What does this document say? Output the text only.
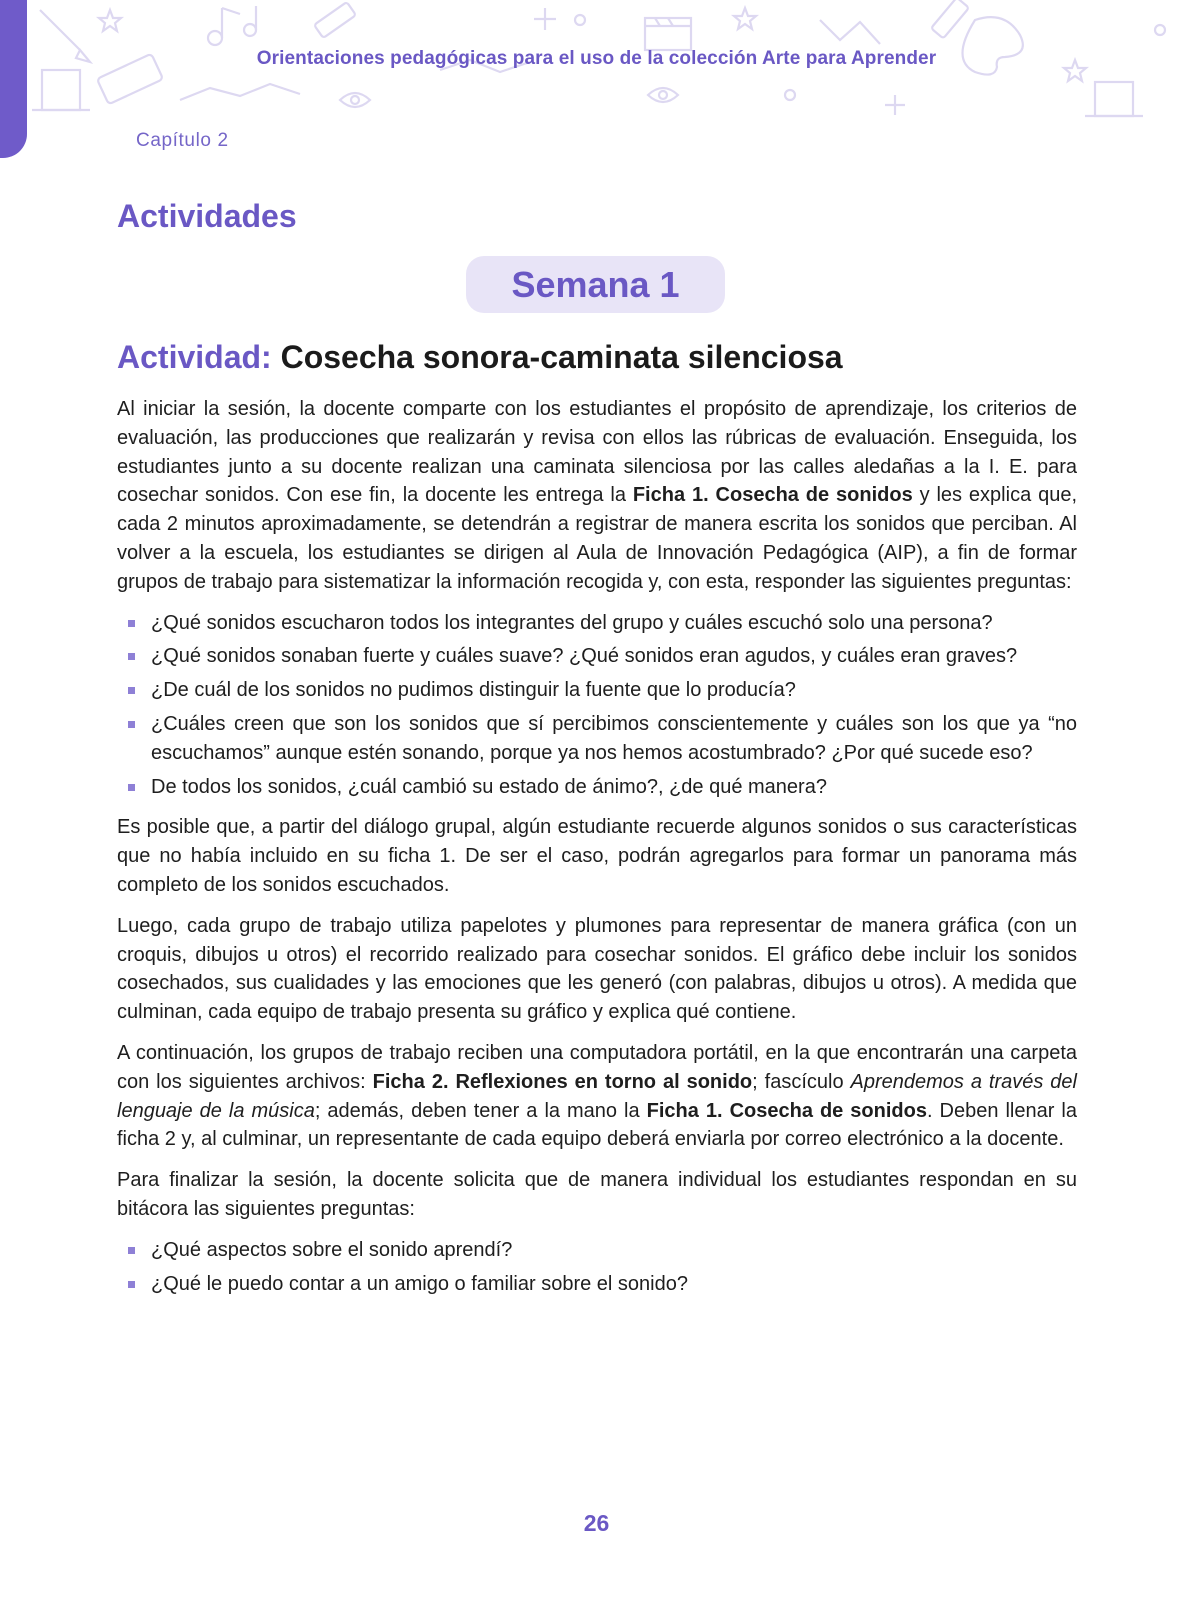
Orientaciones pedagógicas para el uso de la colección Arte para Aprender
Capítulo 2
Actividades
Semana 1
Actividad: Cosecha sonora-caminata silenciosa

Al iniciar la sesión, la docente comparte con los estudiantes el propósito de aprendizaje, los criterios de evaluación, las producciones que realizarán y revisa con ellos las rúbricas de evaluación. Enseguida, los estudiantes junto a su docente realizan una caminata silenciosa por las calles aledañas a la I. E. para cosechar sonidos. Con ese fin, la docente les entrega la Ficha 1. Cosecha de sonidos y les explica que, cada 2 minutos aproximadamente, se detendrán a registrar de manera escrita los sonidos que perciban. Al volver a la escuela, los estudiantes se dirigen al Aula de Innovación Pedagógica (AIP), a fin de formar grupos de trabajo para sistematizar la información recogida y, con esta, responder las siguientes preguntas:

¿Qué sonidos escucharon todos los integrantes del grupo y cuáles escuchó solo una persona?
¿Qué sonidos sonaban fuerte y cuáles suave? ¿Qué sonidos eran agudos, y cuáles eran graves?
¿De cuál de los sonidos no pudimos distinguir la fuente que lo producía?
¿Cuáles creen que son los sonidos que sí percibimos conscientemente y cuáles son los que ya “no escuchamos” aunque estén sonando, porque ya nos hemos acostumbrado? ¿Por qué sucede eso?
De todos los sonidos, ¿cuál cambió su estado de ánimo?, ¿de qué manera?

Es posible que, a partir del diálogo grupal, algún estudiante recuerde algunos sonidos o sus características que no había incluido en su ficha 1. De ser el caso, podrán agregarlos para formar un panorama más completo de los sonidos escuchados.

Luego, cada grupo de trabajo utiliza papelotes y plumones para representar de manera gráfica (con un croquis, dibujos u otros) el recorrido realizado para cosechar sonidos. El gráfico debe incluir los sonidos cosechados, sus cualidades y las emociones que les generó (con palabras, dibujos u otros). A medida que culminan, cada equipo de trabajo presenta su gráfico y explica qué contiene.

A continuación, los grupos de trabajo reciben una computadora portátil, en la que encontrarán una carpeta con los siguientes archivos: Ficha 2. Reflexiones en torno al sonido; fascículo Aprendemos a través del lenguaje de la música; además, deben tener a la mano la Ficha 1. Cosecha de sonidos. Deben llenar la ficha 2 y, al culminar, un representante de cada equipo deberá enviarla por correo electrónico a la docente.

Para finalizar la sesión, la docente solicita que de manera individual los estudiantes respondan en su bitácora las siguientes preguntas:

¿Qué aspectos sobre el sonido aprendí?
¿Qué le puedo contar a un amigo o familiar sobre el sonido?
26
